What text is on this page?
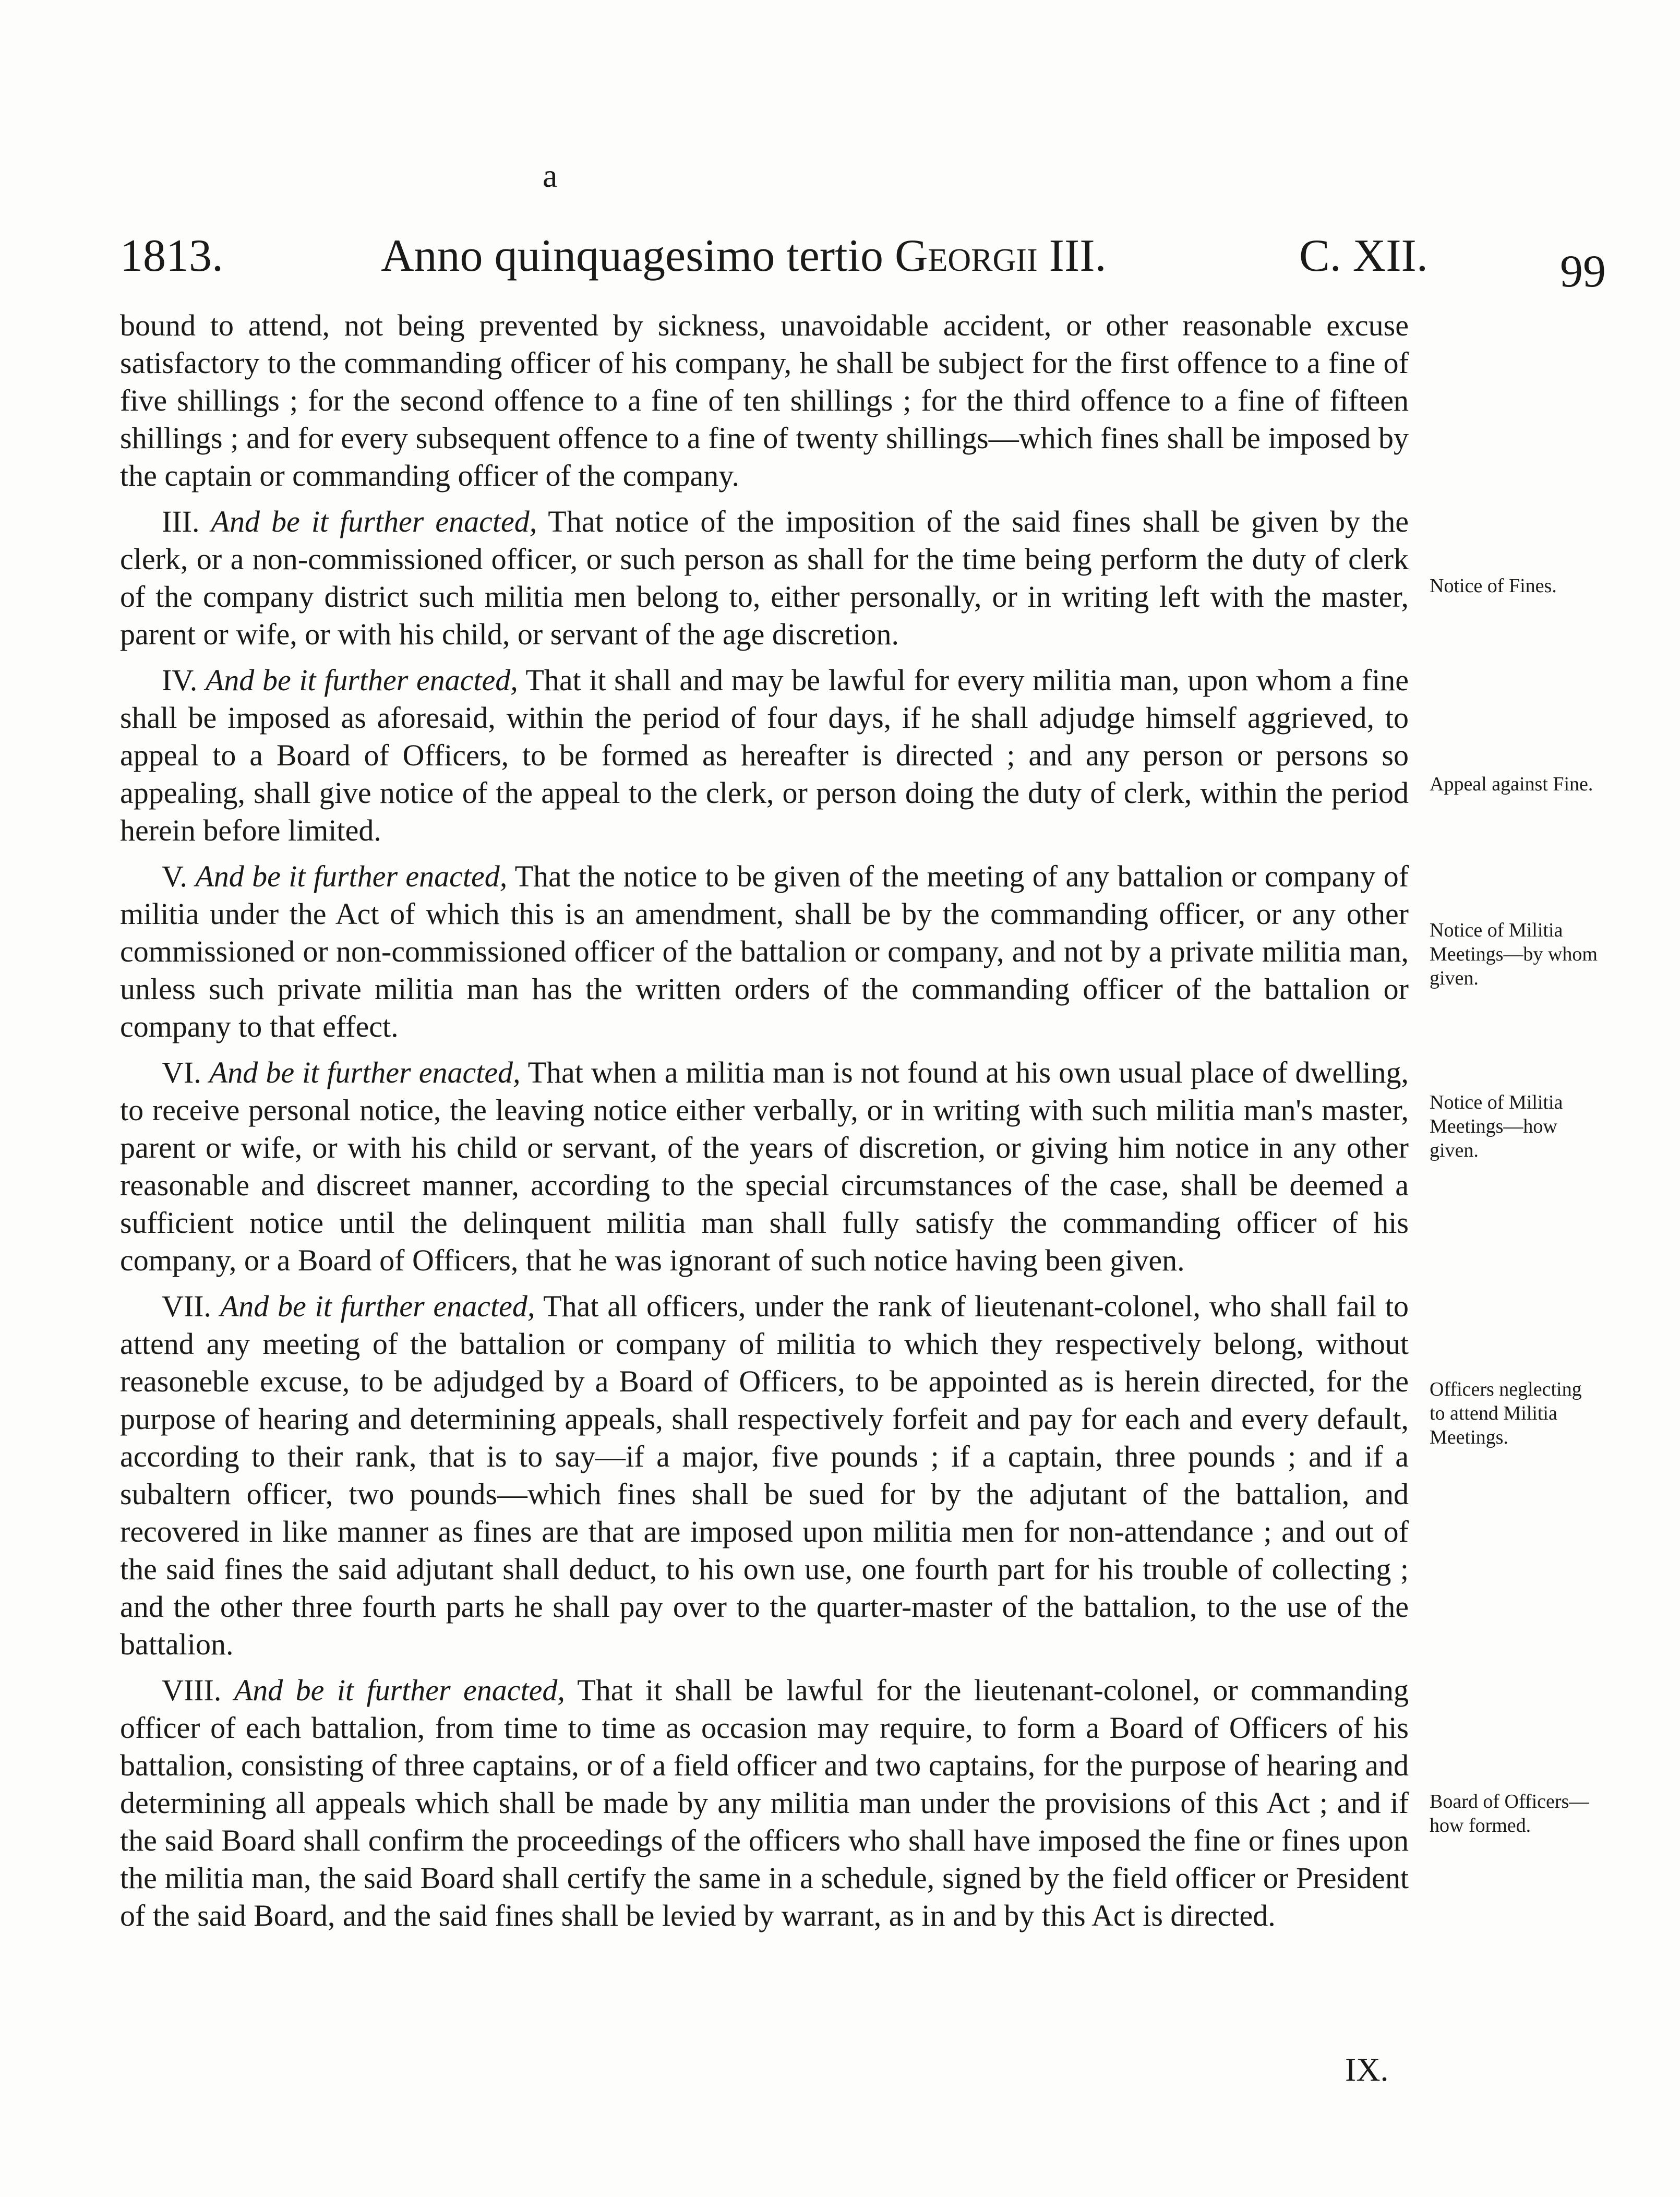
a
1813.	Anno quinquagesimo tertio Georgii III.	C. XII.	99

bound to attend, not being prevented by sickness, unavoidable accident, or other reasonable excuse satisfactory to the commanding officer of his company, he shall be subject for the first offence to a fine of five shillings ; for the second offence to a fine of ten shillings ; for the third offence to a fine of fifteen shillings ; and for every subsequent offence to a fine of twenty shillings—which fines shall be imposed by the captain or commanding officer of the company.

III. And be it further enacted, That notice of the imposition of the said fines shall be given by the clerk, or a non-commissioned officer, or such person as shall for the time being perform the duty of clerk of the company district such militia men belong to, either personally, or in writing left with the master, parent or wife, or with his child, or servant of the age discretion.

IV. And be it further enacted, That it shall and may be lawful for every militia man, upon whom a fine shall be imposed as aforesaid, within the period of four days, if he shall adjudge himself aggrieved, to appeal to a Board of Officers, to be formed as hereafter is directed ; and any person or persons so appealing, shall give notice of the appeal to the clerk, or person doing the duty of clerk, within the period herein before limited.

V. And be it further enacted, That the notice to be given of the meeting of any battalion or company of militia under the Act of which this is an amendment, shall be by the commanding officer, or any other commissioned or non-commissioned officer of the battalion or company, and not by a private militia man, unless such private militia man has the written orders of the commanding officer of the battalion or company to that effect.

VI. And be it further enacted, That when a militia man is not found at his own usual place of dwelling, to receive personal notice, the leaving notice either verbally, or in writing with such militia man's master, parent or wife, or with his child or servant, of the years of discretion, or giving him notice in any other reasonable and discreet manner, according to the special circumstances of the case, shall be deemed a sufficient notice until the delinquent militia man shall fully satisfy the commanding officer of his company, or a Board of Officers, that he was ignorant of such notice having been given.

VII. And be it further enacted, That all officers, under the rank of lieutenant-colonel, who shall fail to attend any meeting of the battalion or company of militia to which they respectively belong, without reasoneble excuse, to be adjudged by a Board of Officers, to be appointed as is herein directed, for the purpose of hearing and determining appeals, shall respectively forfeit and pay for each and every default, according to their rank, that is to say—if a major, five pounds ; if a captain, three pounds ; and if a subaltern officer, two pounds—which fines shall be sued for by the adjutant of the battalion, and recovered in like manner as fines are that are imposed upon militia men for non-attendance ; and out of the said fines the said adjutant shall deduct, to his own use, one fourth part for his trouble of collecting ; and the other three fourth parts he shall pay over to the quarter-master of the battalion, to the use of the battalion.

VIII. And be it further enacted, That it shall be lawful for the lieutenant-colonel, or commanding officer of each battalion, from time to time as occasion may require, to form a Board of Officers of his battalion, consisting of three captains, or of a field officer and two captains, for the purpose of hearing and determining all appeals which shall be made by any militia man under the provisions of this Act ; and if the said Board shall confirm the proceedings of the officers who shall have imposed the fine or fines upon the militia man, the said Board shall certify the same in a schedule, signed by the field officer or President of the said Board, and the said fines shall be levied by warrant, as in and by this Act is directed.

Notice of Fines.
Appeal against Fine.
Notice of Militia Meetings—by whom given.
Notice of Militia Meetings—how given.
Officers neglecting to attend Militia Meetings.
Board of Officers—how formed.
IX.
